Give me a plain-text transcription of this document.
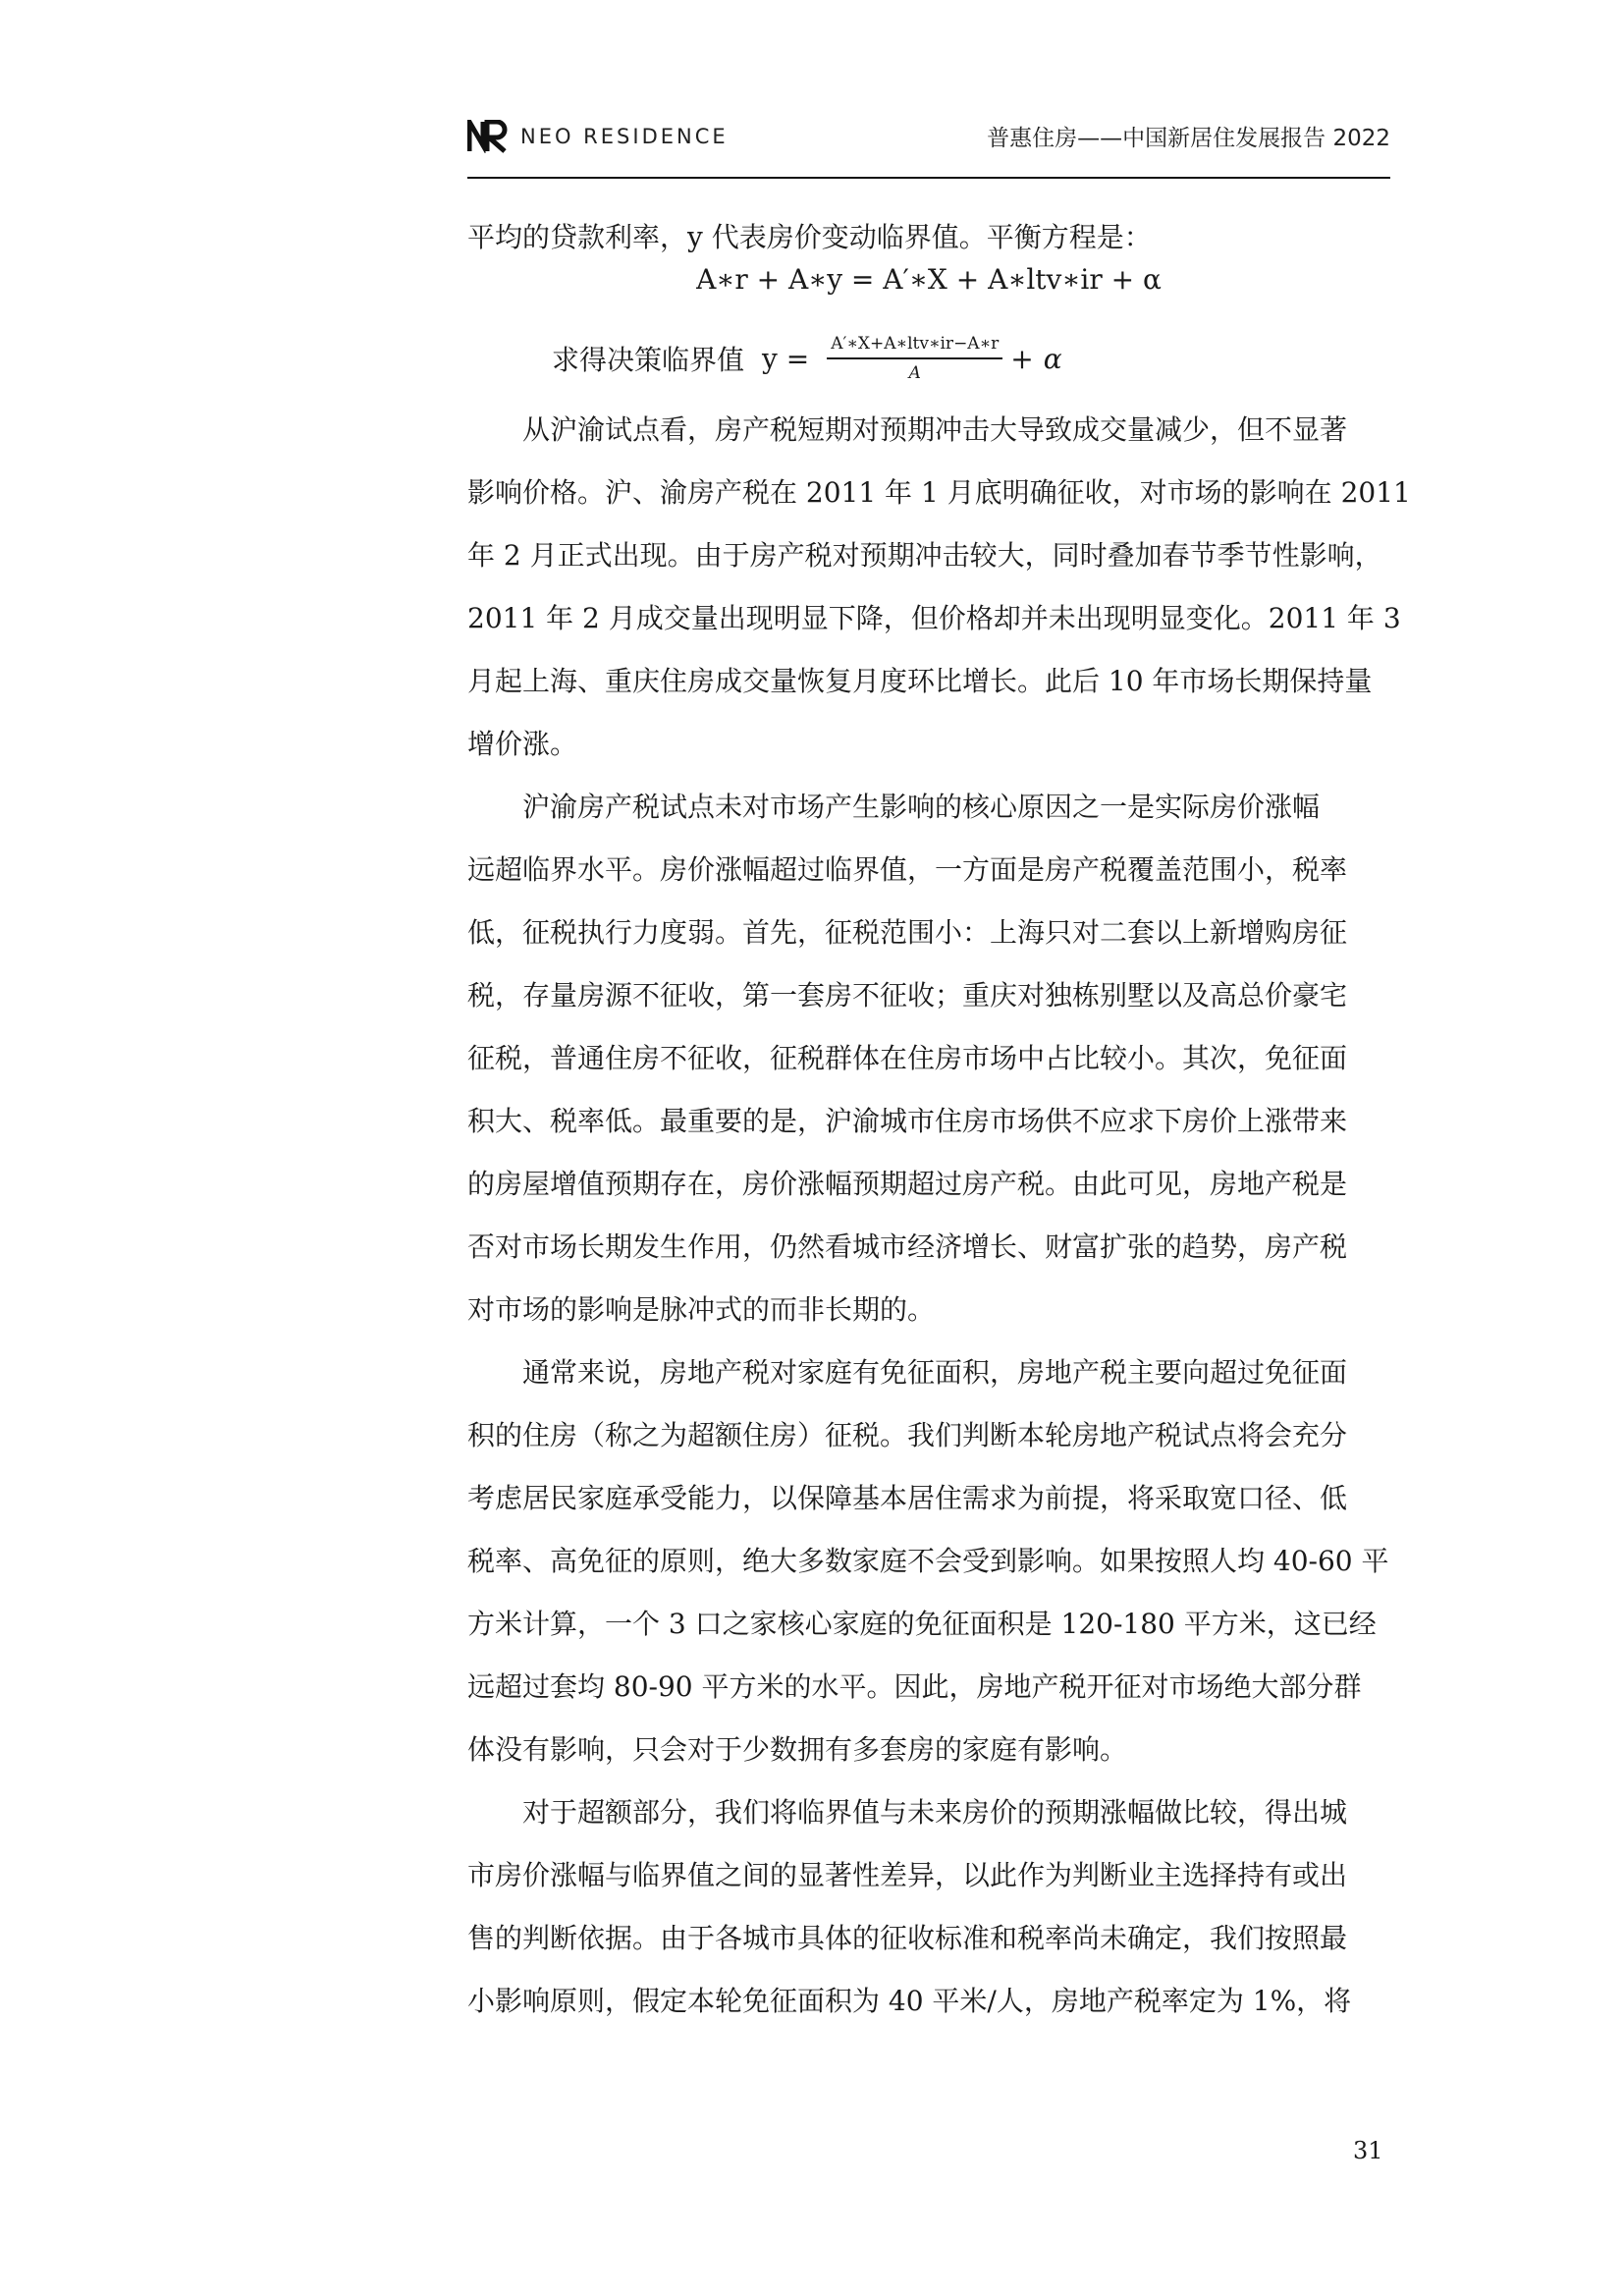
NEO RESIDENCE	普惠住房——中国新居住发展报告 2022
平均的贷款利率，y 代表房价变动临界值。平衡方程是：
A∗r + A∗y = A′∗X + A∗ltv∗ir + α
求得决策临界值 $y = \frac{\text{A′∗X+A∗ltv∗ir−A∗r}}{A} + \alpha$
从沪渝试点看，房产税短期对预期冲击大导致成交量减少，但不显著
影响价格。沪、渝房产税在 2011 年 1 月底明确征收，对市场的影响在 2011
年 2 月正式出现。由于房产税对预期冲击较大，同时叠加春节季节性影响，
2011 年 2 月成交量出现明显下降，但价格却并未出现明显变化。2011 年 3
月起上海、重庆住房成交量恢复月度环比增长。此后 10 年市场长期保持量
增价涨。
沪渝房产税试点未对市场产生影响的核心原因之一是实际房价涨幅
远超临界水平。房价涨幅超过临界值，一方面是房产税覆盖范围小，税率
低，征税执行力度弱。首先，征税范围小：上海只对二套以上新增购房征
税，存量房源不征收，第一套房不征收；重庆对独栋别墅以及高总价豪宅
征税，普通住房不征收，征税群体在住房市场中占比较小。其次，免征面
积大、税率低。最重要的是，沪渝城市住房市场供不应求下房价上涨带来
的房屋增值预期存在，房价涨幅预期超过房产税。由此可见，房地产税是
否对市场长期发生作用，仍然看城市经济增长、财富扩张的趋势，房产税
对市场的影响是脉冲式的而非长期的。
通常来说，房地产税对家庭有免征面积，房地产税主要向超过免征面
积的住房（称之为超额住房）征税。我们判断本轮房地产税试点将会充分
考虑居民家庭承受能力，以保障基本居住需求为前提，将采取宽口径、低
税率、高免征的原则，绝大多数家庭不会受到影响。如果按照人均 40-60 平
方米计算，一个 3 口之家核心家庭的免征面积是 120-180 平方米，这已经
远超过套均 80-90 平方米的水平。因此，房地产税开征对市场绝大部分群
体没有影响，只会对于少数拥有多套房的家庭有影响。
对于超额部分，我们将临界值与未来房价的预期涨幅做比较，得出城
市房价涨幅与临界值之间的显著性差异，以此作为判断业主选择持有或出
售的判断依据。由于各城市具体的征收标准和税率尚未确定，我们按照最
小影响原则，假定本轮免征面积为 40 平米/人，房地产税率定为 1%，将
31
